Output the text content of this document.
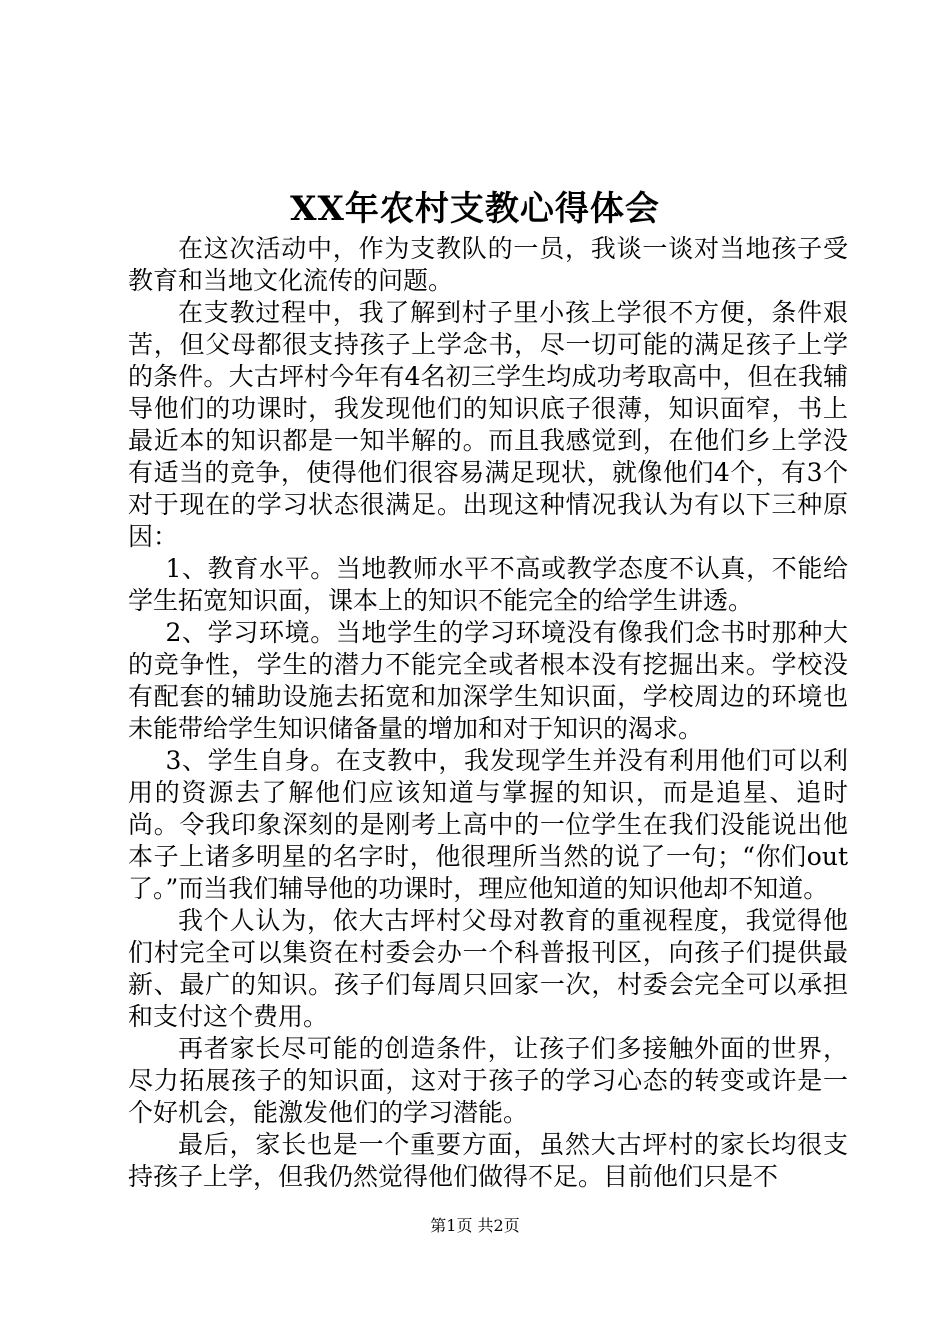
XX年农村支教心得体会

在这次活动中，作为支教队的一员，我谈一谈对当地孩子受教育和当地文化流传的问题。

在支教过程中，我了解到村子里小孩上学很不方便，条件艰苦，但父母都很支持孩子上学念书，尽一切可能的满足孩子上学的条件。大古坪村今年有4名初三学生均成功考取高中，但在我辅导他们的功课时，我发现他们的知识底子很薄，知识面窄，书上最近本的知识都是一知半解的。而且我感觉到，在他们乡上学没有适当的竞争，使得他们很容易满足现状，就像他们4个，有3个对于现在的学习状态很满足。出现这种情况我认为有以下三种原因：

1、教育水平。当地教师水平不高或教学态度不认真，不能给学生拓宽知识面，课本上的知识不能完全的给学生讲透。

2、学习环境。当地学生的学习环境没有像我们念书时那种大的竞争性，学生的潜力不能完全或者根本没有挖掘出来。学校没有配套的辅助设施去拓宽和加深学生知识面，学校周边的环境也未能带给学生知识储备量的增加和对于知识的渴求。

3、学生自身。在支教中，我发现学生并没有利用他们可以利用的资源去了解他们应该知道与掌握的知识，而是追星、追时尚。令我印象深刻的是刚考上高中的一位学生在我们没能说出他本子上诸多明星的名字时，他很理所当然的说了一句；“你们out了。”而当我们辅导他的功课时，理应他知道的知识他却不知道。

我个人认为，依大古坪村父母对教育的重视程度，我觉得他们村完全可以集资在村委会办一个科普报刊区，向孩子们提供最新、最广的知识。孩子们每周只回家一次，村委会完全可以承担和支付这个费用。

再者家长尽可能的创造条件，让孩子们多接触外面的世界，尽力拓展孩子的知识面，这对于孩子的学习心态的转变或许是一个好机会，能激发他们的学习潜能。

最后，家长也是一个重要方面，虽然大古坪村的家长均很支持孩子上学，但我仍然觉得他们做得不足。目前他们只是不

第1页 共2页
